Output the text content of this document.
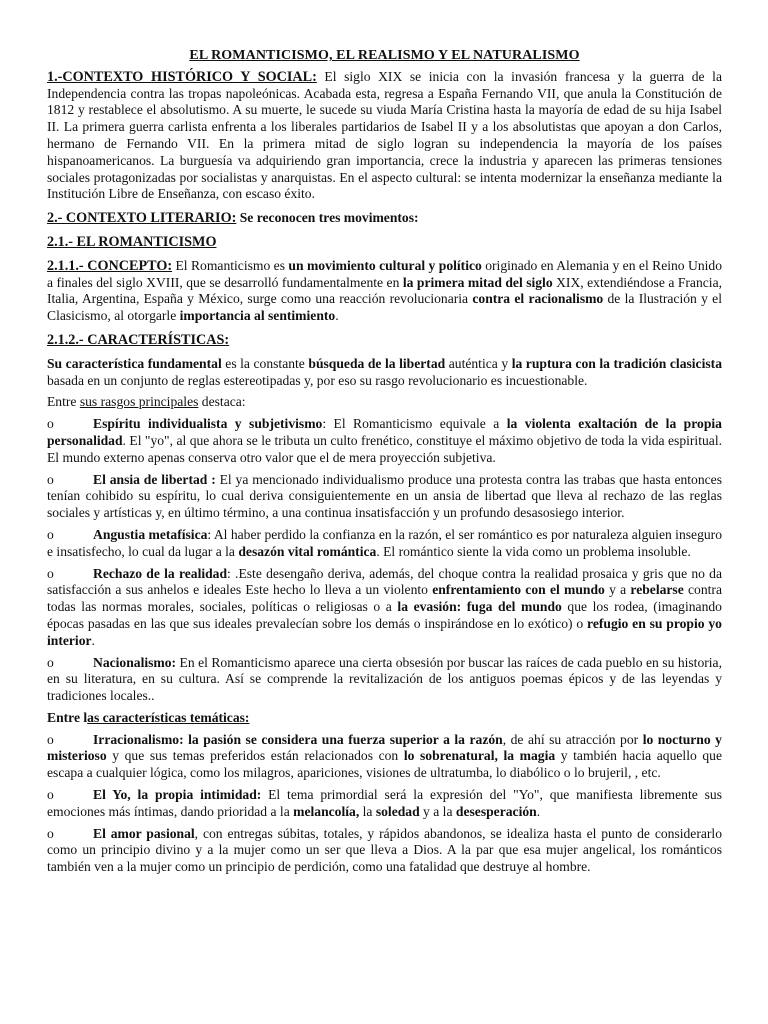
EL ROMANTICISMO, EL REALISMO Y EL NATURALISMO

1.-CONTEXTO HISTÓRICO Y SOCIAL: El siglo XIX se inicia con la invasión francesa y la guerra de la Independencia contra las tropas napoleónicas. Acabada esta, regresa a España Fernando VII, que anula la Constitución de 1812 y restablece el absolutismo. A su muerte, le sucede su viuda María Cristina hasta la mayoría de edad de su hija Isabel II. La primera guerra carlista enfrenta a los liberales partidarios de Isabel II y a los absolutistas que apoyan a don Carlos, hermano de Fernando VII. En la primera mitad de siglo logran su independencia la mayoría de los países hispanoamericanos. La burguesía va adquiriendo gran importancia, crece la industria y aparecen las primeras tensiones sociales protagonizadas por socialistas y anarquistas. En el aspecto cultural: se intenta modernizar la enseñanza mediante la Institución Libre de Enseñanza, con escaso éxito.

2.- CONTEXTO LITERARIO: Se reconocen tres movimentos:

2.1.- EL ROMANTICISMO

2.1.1.- CONCEPTO: El Romanticismo es un movimiento cultural y político originado en Alemania y en el Reino Unido a finales del siglo XVIII, que se desarrolló fundamentalmente en la primera mitad del siglo XIX, extendiéndose a Francia, Italia, Argentina, España y México, surge como una reacción revolucionaria contra el racionalismo de la Ilustración y el Clasicismo, al otorgarle importancia al sentimiento.

2.1.2.- CARACTERÍSTICAS:

Su característica fundamental es la constante búsqueda de la libertad auténtica y la ruptura con la tradición clasicista basada en un conjunto de reglas estereotipadas y, por eso su rasgo revolucionario es incuestionable.

Entre sus rasgos principales destaca:

o	Espíritu individualista y subjetivismo: El Romanticismo equivale a la violenta exaltación de la propia personalidad. El "yo", al que ahora se le tributa un culto frenético, constituye el máximo objetivo de toda la vida espiritual. El mundo externo apenas conserva otro valor que el de mera proyección subjetiva.

o	El ansia de libertad : El ya mencionado individualismo produce una protesta contra las trabas que hasta entonces tenían cohibido su espíritu, lo cual deriva consiguientemente en un ansia de libertad que lleva al rechazo de las reglas sociales y artísticas y, en último término, a una continua insatisfacción y un profundo desasosiego interior.

o	Angustia metafísica: Al haber perdido la confianza en la razón, el ser romántico es por naturaleza alguien inseguro e insatisfecho, lo cual da lugar a la desazón vital romántica. El romántico siente la vida como un problema insoluble.

o	Rechazo de la realidad: .Este desengaño deriva, además, del choque contra la realidad prosaica y gris que no da satisfacción a sus anhelos e ideales Este hecho lo lleva a un violento enfrentamiento con el mundo y a rebelarse contra todas las normas morales, sociales, políticas o religiosas o a la evasión: fuga del mundo que los rodea, (imaginando épocas pasadas en las que sus ideales prevalecían sobre los demás o inspirándose en lo exótico) o refugio en su propio yo interior.

o	Nacionalismo: En el Romanticismo aparece una cierta obsesión por buscar las raíces de cada pueblo en su historia, en su literatura, en su cultura. Así se comprende la revitalización de los antiguos poemas épicos y de las leyendas y tradiciones locales..

Entre las características temáticas:

o	Irracionalismo: la pasión se considera una fuerza superior a la razón, de ahí su atracción por lo nocturno y misterioso y que sus temas preferidos están relacionados con lo sobrenatural, la magia y también hacia aquello que escapa a cualquier lógica, como los milagros, apariciones, visiones de ultratumba, lo diabólico o lo brujeril, , etc.

o	El Yo, la propia intimidad: El tema primordial será la expresión del "Yo", que manifiesta libremente sus emociones más íntimas, dando prioridad a la melancolía, la soledad y a la desesperación.

o	El amor pasional, con entregas súbitas, totales, y rápidos abandonos, se idealiza hasta el punto de considerarlo como un principio divino y a la mujer como un ser que lleva a Dios. A la par que esa mujer angelical, los románticos también ven a la mujer como un principio de perdición, como una fatalidad que destruye al hombre.
